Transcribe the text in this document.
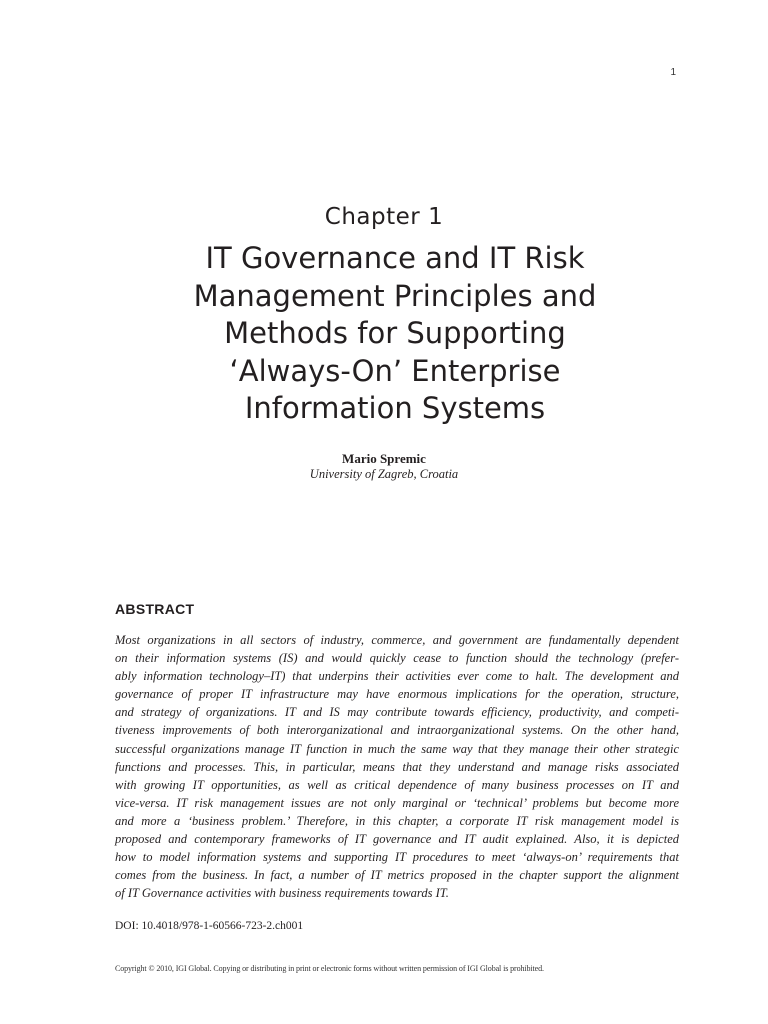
1
Chapter 1
IT Governance and IT Risk
Management Principles and
Methods for Supporting
‘Always-On’ Enterprise
Information Systems
Mario Spremic
University of Zagreb, Croatia
ABSTRACT
Most organizations in all sectors of industry, commerce, and government are fundamentally dependent
on their information systems (IS) and would quickly cease to function should the technology (prefer-
ably information technology–IT) that underpins their activities ever come to halt. The development and
governance of proper IT infrastructure may have enormous implications for the operation, structure,
and strategy of organizations. IT and IS may contribute towards efficiency, productivity, and competi-
tiveness improvements of both interorganizational and intraorganizational systems. On the other hand,
successful organizations manage IT function in much the same way that they manage their other strategic
functions and processes. This, in particular, means that they understand and manage risks associated
with growing IT opportunities, as well as critical dependence of many business processes on IT and
vice-versa. IT risk management issues are not only marginal or ‘technical’ problems but become more
and more a ‘business problem.’ Therefore, in this chapter, a corporate IT risk management model is
proposed and contemporary frameworks of IT governance and IT audit explained. Also, it is depicted
how to model information systems and supporting IT procedures to meet ‘always-on’ requirements that
comes from the business. In fact, a number of IT metrics proposed in the chapter support the alignment
of IT Governance activities with business requirements towards IT.
DOI: 10.4018/978-1-60566-723-2.ch001
Copyright © 2010, IGI Global. Copying or distributing in print or electronic forms without written permission of IGI Global is prohibited.
